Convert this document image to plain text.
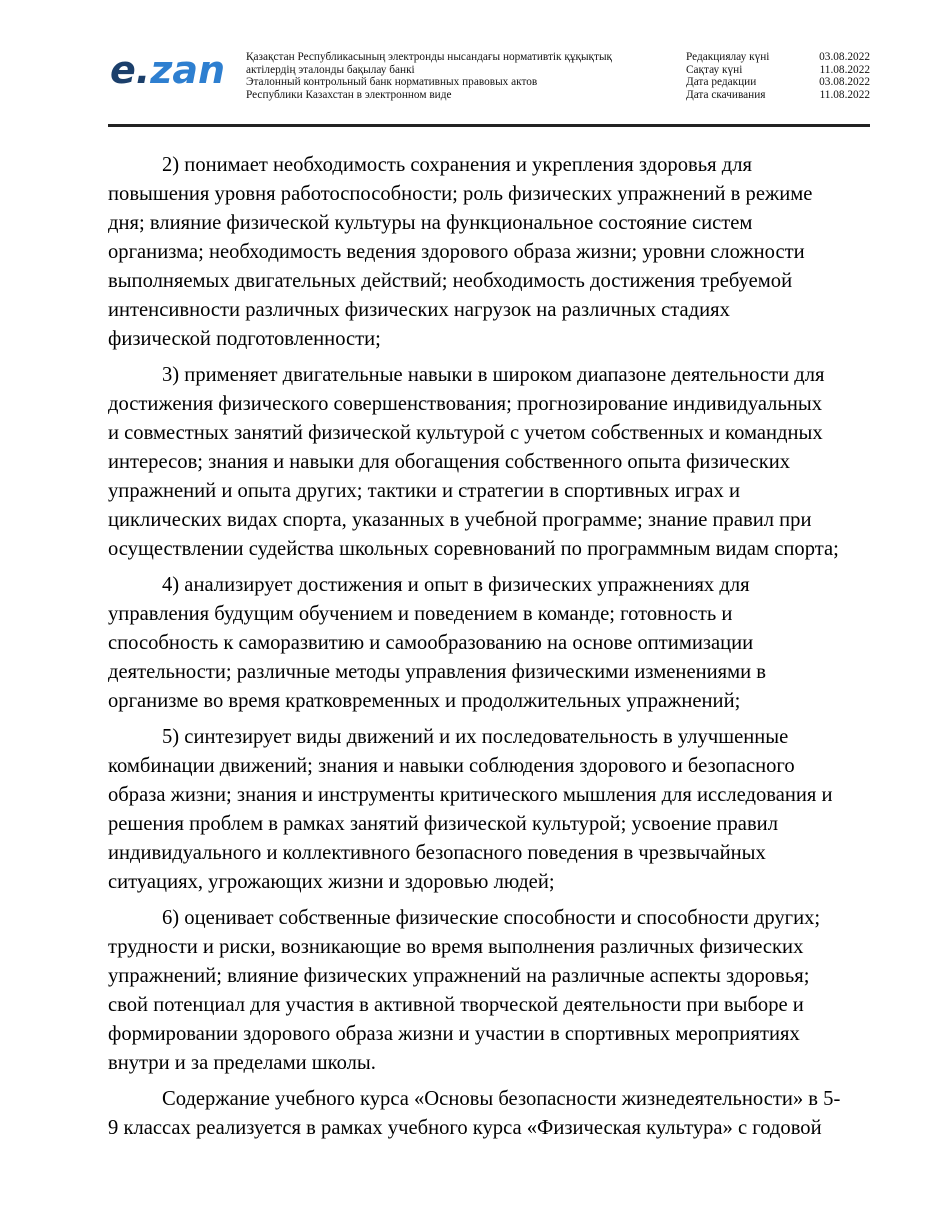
e.zan Қазақстан Республикасының электронды нысандағы нормативтік құқықтық
актілердің эталонды бақылау банкі
Эталонный контрольный банк нормативных правовых актов
Республики Казахстан в электронном виде
Редакциялау күні	03.08.2022
Сақтау күні	11.08.2022
Дата редакции	03.08.2022
Дата скачивания	11.08.2022

2) понимает необходимость сохранения и укрепления здоровья для
повышения уровня работоспособности; роль физических упражнений в режиме
дня; влияние физической культуры на функциональное состояние систем
организма; необходимость ведения здорового образа жизни; уровни сложности
выполняемых двигательных действий; необходимость достижения требуемой
интенсивности различных физических нагрузок на различных стадиях
физической подготовленности;

3) применяет двигательные навыки в широком диапазоне деятельности для
достижения физического совершенствования; прогнозирование индивидуальных
и совместных занятий физической культурой с учетом собственных и командных
интересов; знания и навыки для обогащения собственного опыта физических
упражнений и опыта других; тактики и стратегии в спортивных играх и
циклических видах спорта, указанных в учебной программе; знание правил при
осуществлении судейства школьных соревнований по программным видам спорта;

4) анализирует достижения и опыт в физических упражнениях для
управления будущим обучением и поведением в команде; готовность и
способность к саморазвитию и самообразованию на основе оптимизации
деятельности; различные методы управления физическими изменениями в
организме во время кратковременных и продолжительных упражнений;

5) синтезирует виды движений и их последовательность в улучшенные
комбинации движений; знания и навыки соблюдения здорового и безопасного
образа жизни; знания и инструменты критического мышления для исследования и
решения проблем в рамках занятий физической культурой; усвоение правил
индивидуального и коллективного безопасного поведения в чрезвычайных
ситуациях, угрожающих жизни и здоровью людей;

6) оценивает собственные физические способности и способности других;
трудности и риски, возникающие во время выполнения различных физических
упражнений; влияние физических упражнений на различные аспекты здоровья;
свой потенциал для участия в активной творческой деятельности при выборе и
формировании здорового образа жизни и участии в спортивных мероприятиях
внутри и за пределами школы.

Содержание учебного курса «Основы безопасности жизнедеятельности» в 5-
9 классах реализуется в рамках учебного курса «Физическая культура» с годовой
